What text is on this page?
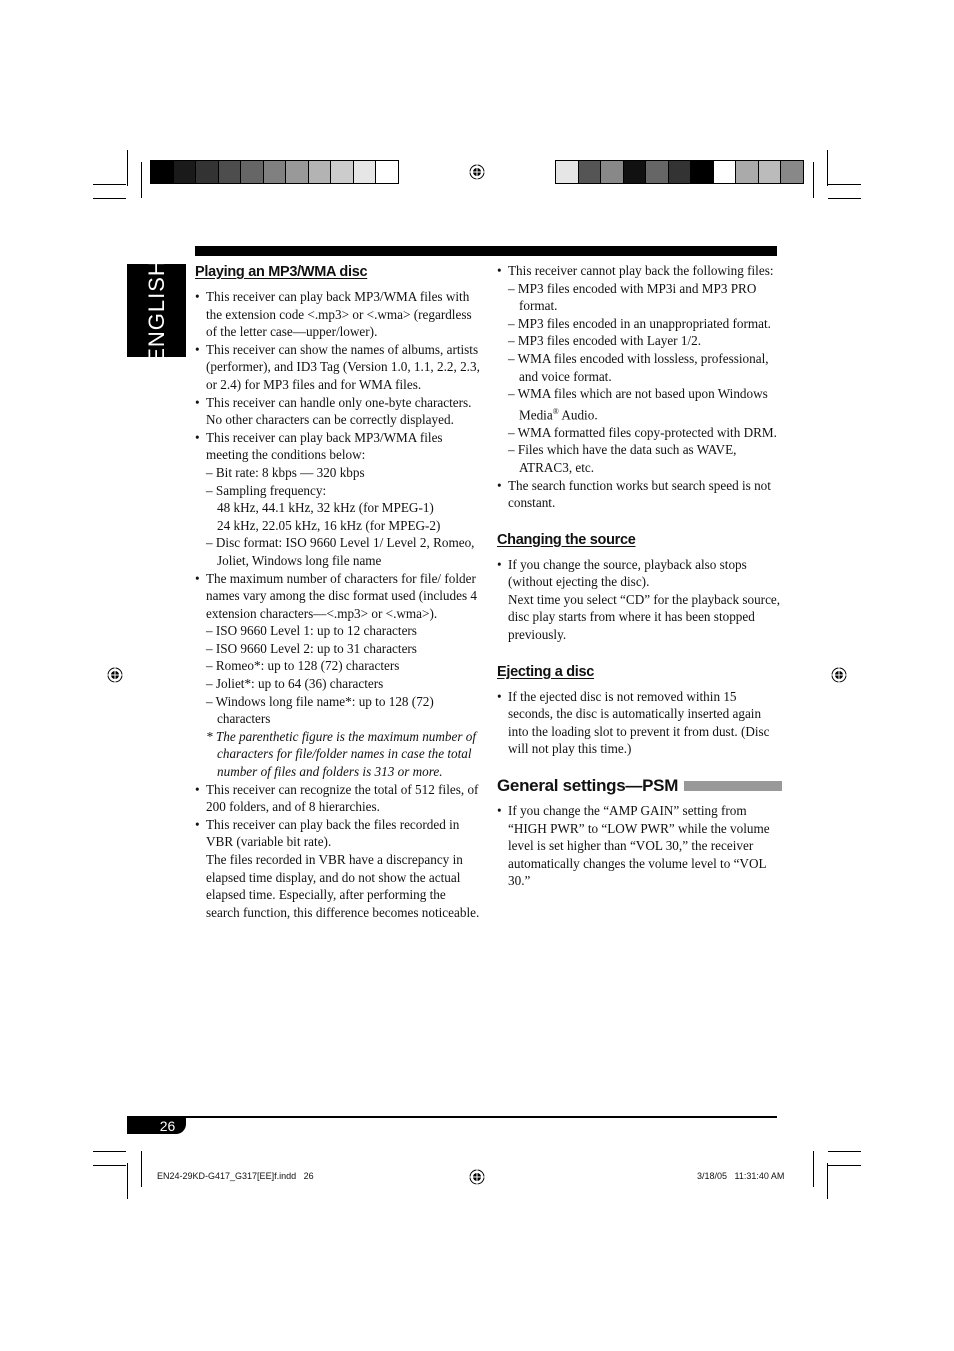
ENGLISH Playing an MP3/WMA disc
• This receiver can play back MP3/WMA files with the extension code <.mp3> or <.wma> (regardless of the letter case—upper/lower).
• This receiver can show the names of albums, artists (performer), and ID3 Tag (Version 1.0, 1.1, 2.2, 2.3, or 2.4) for MP3 files and for WMA files.
• This receiver can handle only one-byte characters. No other characters can be correctly displayed.
• This receiver can play back MP3/WMA files meeting the conditions below:
– Bit rate: 8 kbps — 320 kbps
– Sampling frequency:
48 kHz, 44.1 kHz, 32 kHz (for MPEG-1)
24 kHz, 22.05 kHz, 16 kHz (for MPEG-2)
– Disc format: ISO 9660 Level 1/ Level 2, Romeo, Joliet, Windows long file name
• The maximum number of characters for file/ folder names vary among the disc format used (includes 4 extension characters—<.mp3> or <.wma>).
– ISO 9660 Level 1: up to 12 characters
– ISO 9660 Level 2: up to 31 characters
– Romeo*: up to 128 (72) characters
– Joliet*: up to 64 (36) characters
– Windows long file name*: up to 128 (72) characters
* The parenthetic figure is the maximum number of characters for file/folder names in case the total number of files and folders is 313 or more.
• This receiver can recognize the total of 512 files, of 200 folders, and of 8 hierarchies.
• This receiver can play back the files recorded in VBR (variable bit rate).
The files recorded in VBR have a discrepancy in elapsed time display, and do not show the actual elapsed time. Especially, after performing the search function, this difference becomes noticeable.
• This receiver cannot play back the following files:
– MP3 files encoded with MP3i and MP3 PRO format.
– MP3 files encoded in an unappropriated format.
– MP3 files encoded with Layer 1/2.
– WMA files encoded with lossless, professional, and voice format.
– WMA files which are not based upon Windows Media® Audio.
– WMA formatted files copy-protected with DRM.
– Files which have the data such as WAVE, ATRAC3, etc.
• The search function works but search speed is not constant.
Changing the source
• If you change the source, playback also stops (without ejecting the disc).
Next time you select “CD” for the playback source, disc play starts from where it has been stopped previously.
Ejecting a disc
• If the ejected disc is not removed within 15 seconds, the disc is automatically inserted again into the loading slot to prevent it from dust. (Disc will not play this time.)
General settings—PSM
• If you change the “AMP GAIN” setting from “HIGH PWR” to “LOW PWR” while the volume level is set higher than “VOL 30,” the receiver automatically changes the volume level to “VOL 30.”
26
EN24-29KD-G417_G317[EE]f.indd   26	3/18/05   11:31:40 AM
